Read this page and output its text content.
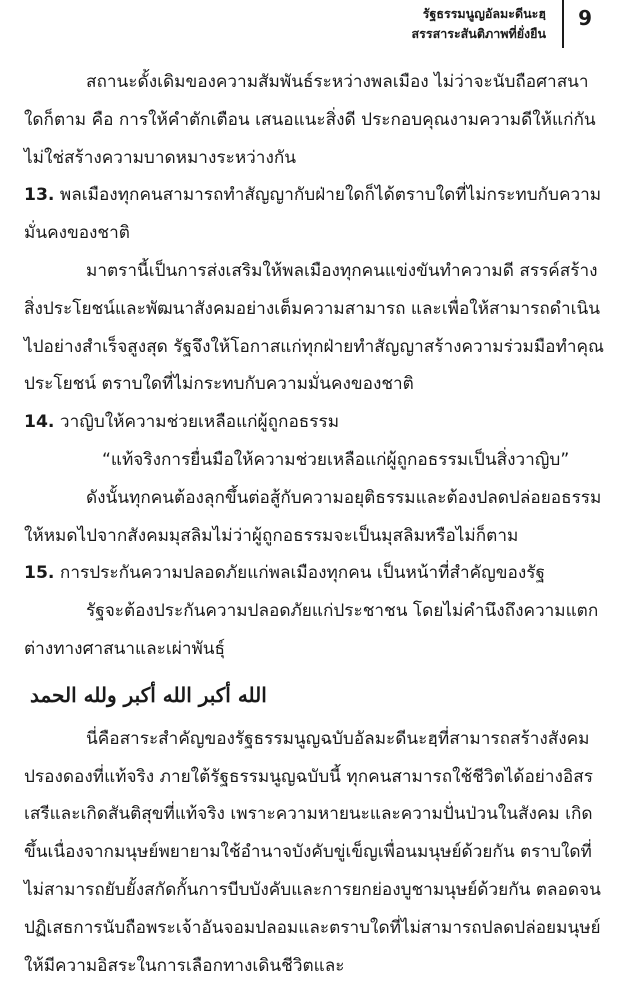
รัฐธรรมนูญอัลมะดีนะฮฺ
สรรสาระสันติภาพที่ยั่งยืน
9

สถานะดั้งเดิมของความสัมพันธ์ระหว่างพลเมือง ไม่ว่าจะนับถือศาสนาใดก็ตาม คือ การให้คำตักเตือน เสนอแนะสิ่งดี ประกอบคุณงามความดีให้แก่กัน ไม่ใช่สร้างความบาดหมางระหว่างกัน

13. พลเมืองทุกคนสามารถทำสัญญากับฝ่ายใดก็ได้ตราบใดที่ไม่กระทบกับความมั่นคงของชาติ

มาตรานี้เป็นการส่งเสริมให้พลเมืองทุกคนแข่งขันทำความดี สรรค์สร้างสิ่งประโยชน์และพัฒนาสังคมอย่างเต็มความสามารถ และเพื่อให้สามารถดำเนินไปอย่างสำเร็จสูงสุด รัฐจึงให้โอกาสแก่ทุกฝ่ายทำสัญญาสร้างความร่วมมือทำคุณประโยชน์ ตราบใดที่ไม่กระทบกับความมั่นคงของชาติ

14. วาญิบให้ความช่วยเหลือแก่ผู้ถูกอธรรม

“แท้จริงการยื่นมือให้ความช่วยเหลือแก่ผู้ถูกอธรรมเป็นสิ่งวาญิบ”

ดังนั้นทุกคนต้องลุกขึ้นต่อสู้กับความอยุติธรรมและต้องปลดปล่อยอธรรมให้หมดไปจากสังคมมุสลิมไม่ว่าผู้ถูกอธรรมจะเป็นมุสลิมหรือไม่ก็ตาม

15. การประกันความปลอดภัยแก่พลเมืองทุกคน เป็นหน้าที่สำคัญของรัฐ

รัฐจะต้องประกันความปลอดภัยแก่ประชาชน โดยไม่คำนึงถึงความแตกต่างทางศาสนาและเผ่าพันธุ์

الله أكبر الله أكبر ولله الحمد

นี่คือสาระสำคัญของรัฐธรรมนูญฉบับอัลมะดีนะฮฺที่สามารถสร้างสังคมปรองดองที่แท้จริง ภายใต้รัฐธรรมนูญฉบับนี้ ทุกคนสามารถใช้ชีวิตได้อย่างอิสรเสรีและเกิดสันติสุขที่แท้จริง เพราะความหายนะและความปั่นป่วนในสังคม เกิดขึ้นเนื่องจากมนุษย์พยายามใช้อำนาจบังคับขู่เข็ญเพื่อนมนุษย์ด้วยกัน ตราบใดที่ไม่สามารถยับยั้งสกัดกั้นการบีบบังคับและการยกย่องบูชามนุษย์ด้วยกัน ตลอดจนปฏิเสธการนับถือพระเจ้าอันจอมปลอมและตราบใดที่ไม่สามารถปลดปล่อยมนุษย์ให้มีความอิสระในการเลือกทางเดินชีวิตและ
